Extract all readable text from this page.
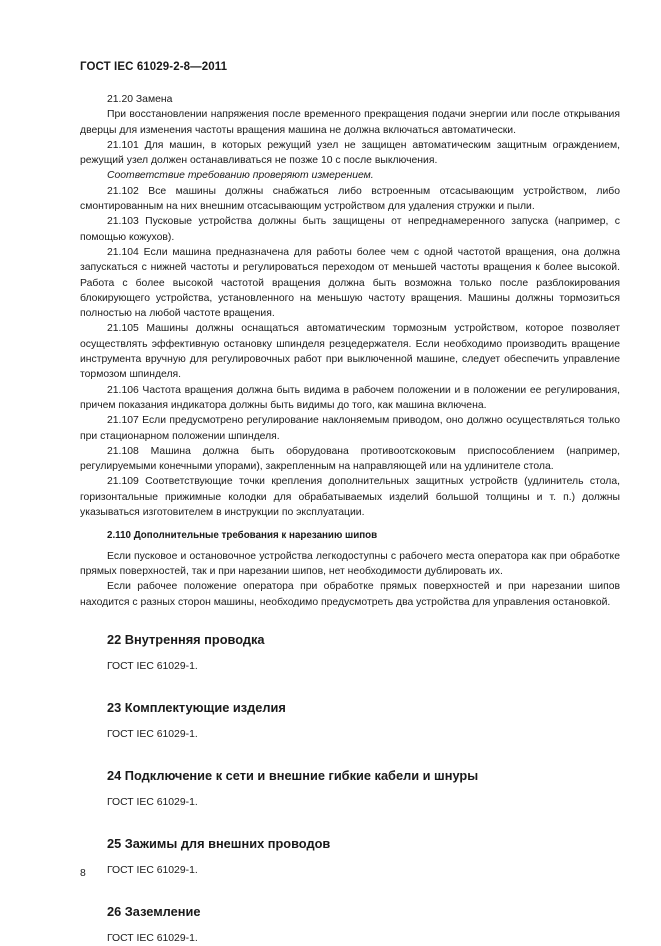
ГОСТ IEC 61029-2-8—2011

21.20 Замена

При восстановлении напряжения после временного прекращения подачи энергии или после открывания дверцы для изменения частоты вращения машина не должна включаться автоматически.

21.101 Для машин, в которых режущий узел не защищен автоматическим защитным ограждением, режущий узел должен останавливаться не позже 10 с после выключения.

Соответствие требованию проверяют измерением.

21.102 Все машины должны снабжаться либо встроенным отсасывающим устройством, либо смонтированным на них внешним отсасывающим устройством для удаления стружки и пыли.

21.103 Пусковые устройства должны быть защищены от непреднамеренного запуска (например, с помощью кожухов).

21.104 Если машина предназначена для работы более чем с одной частотой вращения, она должна запускаться с нижней частоты и регулироваться переходом от меньшей частоты вращения к более высокой. Работа с более высокой частотой вращения должна быть возможна только после разблокирования блокирующего устройства, установленного на меньшую частоту вращения. Машины должны тормозиться полностью на любой частоте вращения.

21.105 Машины должны оснащаться автоматическим тормозным устройством, которое позволяет осуществлять эффективную остановку шпинделя резцедержателя. Если необходимо производить вращение инструмента вручную для регулировочных работ при выключенной машине, следует обеспечить управление тормозом шпинделя.

21.106 Частота вращения должна быть видима в рабочем положении и в положении ее регулирования, причем показания индикатора должны быть видимы до того, как машина включена.

21.107 Если предусмотрено регулирование наклоняемым приводом, оно должно осуществляться только при стационарном положении шпинделя.

21.108 Машина должна быть оборудована противоотскоковым приспособлением (например, регулируемыми конечными упорами), закрепленным на направляющей или на удлинителе стола.

21.109 Соответствующие точки крепления дополнительных защитных устройств (удлинитель стола, горизонтальные прижимные колодки для обрабатываемых изделий большой толщины и т. п.) должны указываться изготовителем в инструкции по эксплуатации.

2.110 Дополнительные требования к нарезанию шипов

Если пусковое и остановочное устройства легкодоступны с рабочего места оператора как при обработке прямых поверхностей, так и при нарезании шипов, нет необходимости дублировать их.

Если рабочее положение оператора при обработке прямых поверхностей и при нарезании шипов находится с разных сторон машины, необходимо предусмотреть два устройства для управления остановкой.

22 Внутренняя проводка
ГОСТ IEC 61029-1.
23 Комплектующие изделия
ГОСТ IEC 61029-1.
24 Подключение к сети и внешние гибкие кабели и шнуры
ГОСТ IEC 61029-1.
25 Зажимы для внешних проводов
ГОСТ IEC 61029-1.
26 Заземление
ГОСТ IEC 61029-1.
8
